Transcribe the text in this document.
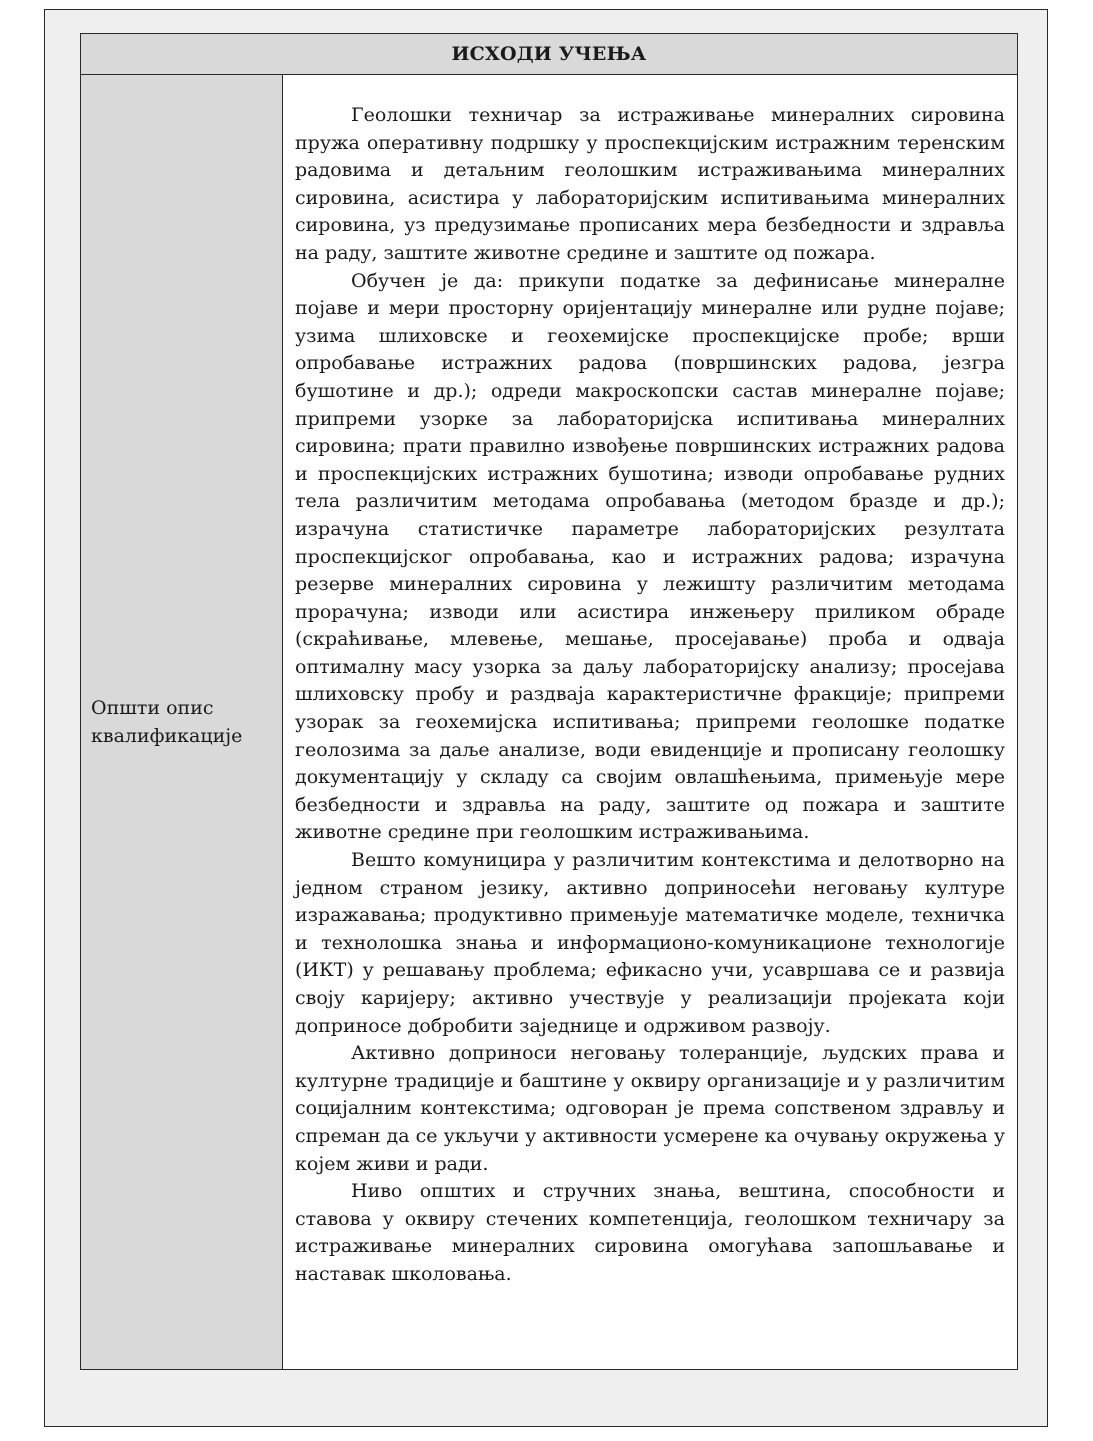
ИСХОДИ УЧЕЊА
Општи опис квалификације

Геолошки техничар за истраживање минералних сировина пружа оперативну подршку у проспекцијским истражним теренским радовима и детаљним геолошким истраживањима минералних сировина, асистира у лабораторијским испитивањима минералних сировина, уз предузимање прописаних мера безбедности и здравља на раду, заштите животне средине и заштите од пожара.

Обучен је да: прикупи податке за дефинисање минералне појаве и мери просторну оријентацију минералне или рудне појаве; узима шлиховске и геохемијске проспекцијске пробе; врши опробавање истражних радова (површинских радова, језгра бушотине и др.); одреди макроскопски састав минералне појаве; припреми узорке за лабораторијска испитивања минералних сировина; прати правилно извођење површинских истражних радова и проспекцијских истражних бушотина; изводи опробавање рудних тела различитим методама опробавања (методом бразде и др.); израчуна статистичке параметре лабораторијских резултата проспекцијског опробавања, као и истражних радова; израчуна резерве минералних сировина у лежишту различитим методама прорачуна; изводи или асистира инжењеру приликом обраде (скраћивање, млевење, мешање, просејавање) проба и одваја оптималну масу узорка за даљу лабораторијску анализу; просејава шлиховску пробу и раздваја карактеристичне фракције; припреми узорак за геохемијска испитивања; припреми геолошке податке геолозима за даље анализе, води евиденције и прописану геолошку документацију у складу са својим овлашћењима, примењује мере безбедности и здравља на раду, заштите од пожара и заштите животне средине при геолошким истраживањима.

Вешто комуницира у различитим контекстима и делотворно на једном страном језику, активно доприносећи неговању културе изражавања; продуктивно примењује математичке моделе, техничка и технолошка знања и информационо-комуникационе технологије (ИКТ) у решавању проблема; ефикасно учи, усавршава се и развија своју каријеру; активно учествује у реализацији пројеката који доприносе добробити заједнице и одрживом развоју.

Активно доприноси неговању толеранције, људских права и културне традиције и баштине у оквиру организације и у различитим социјалним контекстима; одговоран је према сопственом здрављу и спреман да се укључи у активности усмерене ка очувању окружења у којем живи и ради.

Ниво општих и стручних знања, вештина, способности и ставова у оквиру стечених компетенција, геолошком техничару за истраживање минералних сировина омогућава запошљавање и наставак школовања.
